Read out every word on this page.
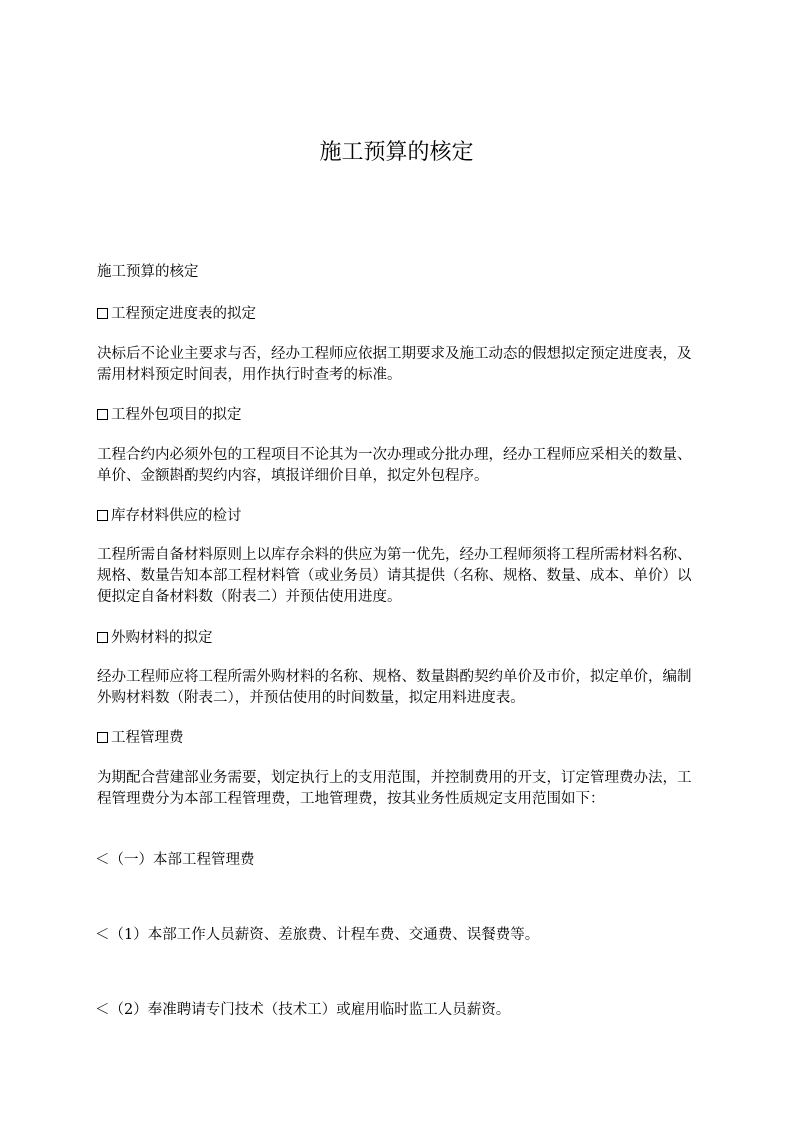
施工预算的核定

施工预算的核定

工程预定进度表的拟定

决标后不论业主要求与否，经办工程师应依据工期要求及施工动态的假想拟定预定进度表，及需用材料预定时间表，用作执行时查考的标准。

工程外包项目的拟定

工程合约内必须外包的工程项目不论其为一次办理或分批办理，经办工程师应采相关的数量、单价、金额斟酌契约内容，填报详细价目单，拟定外包程序。

库存材料供应的检讨

工程所需自备材料原则上以库存余料的供应为第一优先，经办工程师须将工程所需材料名称、规格、数量告知本部工程材料管（或业务员）请其提供（名称、规格、数量、成本、单价）以便拟定自备材料数（附表二）并预估使用进度。

外购材料的拟定

经办工程师应将工程所需外购材料的名称、规格、数量斟酌契约单价及市价，拟定单价，编制外购材料数（附表二），并预估使用的时间数量，拟定用料进度表。

工程管理费

为期配合营建部业务需要，划定执行上的支用范围，并控制费用的开支，订定管理费办法，工程管理费分为本部工程管理费，工地管理费，按其业务性质规定支用范围如下：

＜（一）本部工程管理费

＜（1）本部工作人员薪资、差旅费、计程车费、交通费、误餐费等。

＜（2）奉准聘请专门技术（技术工）或雇用临时监工人员薪资。
